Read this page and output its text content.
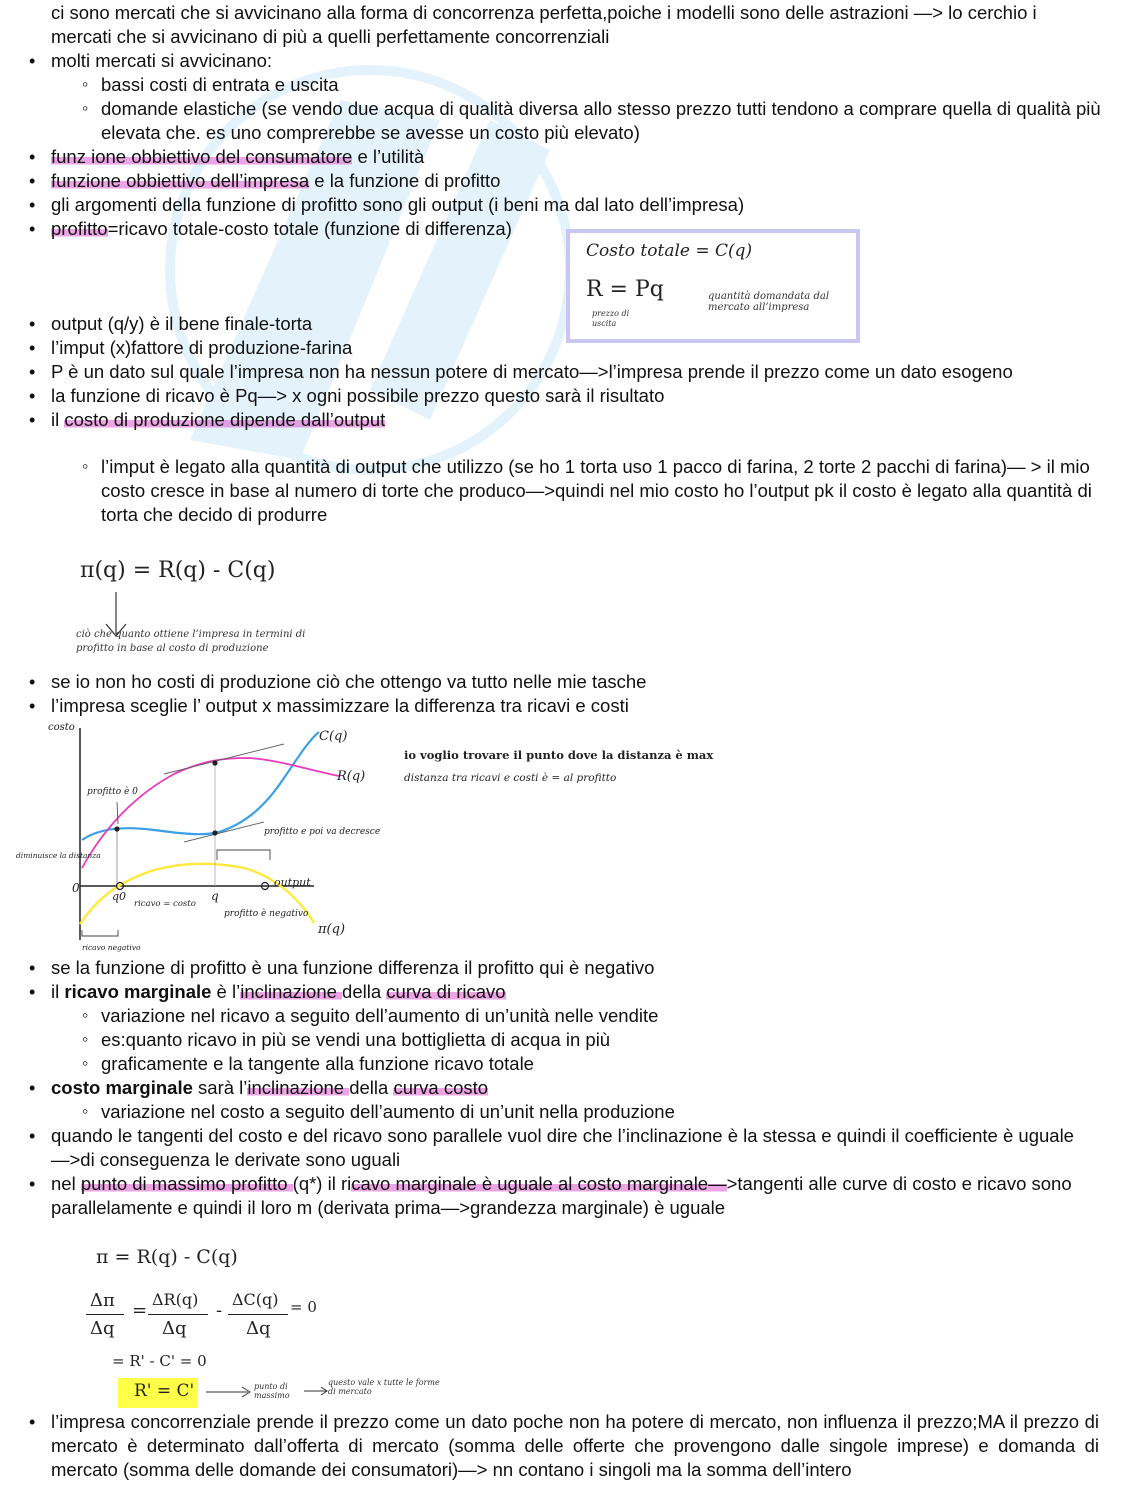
ci sono mercati che si avvicinano alla forma di concorrenza perfetta,poiche i modelli sono delle astrazioni —> lo cerchio i
mercati che si avvicinano di più a quelli perfettamente concorrenziali
• molti mercati si avvicinano:
◦ bassi costi di entrata e uscita
◦ domande elastiche (se vendo due acqua di qualità diversa allo stesso prezzo tutti tendono a comprare quella di qualità più elevata che. es uno comprerebbe se avesse un costo più elevato)
• funz ione obbiettivo del consumatore e l’utilità
• funzione obbiettivo dell’impresa e la funzione di profitto
• gli argomenti della funzione di profitto sono gli output (i beni ma dal lato dell’impresa)
• profitto=ricavo totale-costo totale (funzione di differenza)
Costo totale = C(q)
R = Pq
prezzo di uscita
quantità domandata dal mercato all’impresa
• output (q/y) è il bene finale-torta
• l’imput (x)fattore di produzione-farina
• P è un dato sul quale l’impresa non ha nessun potere di mercato—>l’impresa prende il prezzo come un dato esogeno
• la funzione di ricavo è Pq—> x ogni possibile prezzo questo sarà il risultato
• il costo di produzione dipende dall’output
◦ l’imput è legato alla quantità di output che utilizzo (se ho 1 torta uso 1 pacco di farina, 2 torte 2 pacchi di farina)— > il mio costo cresce in base al numero di torte che produco—>quindi nel mio costo ho l’output pk il costo è legato alla quantità di torta che decido di produrre
π(q) = R(q) - C(q)
ciò che quanto ottiene l’impresa in termini di profitto in base al costo di produzione
• se io non ho costi di produzione ciò che ottengo va tutto nelle mie tasche
• l’impresa sceglie l’ output x massimizzare la differenza tra ricavi e costi
costo
C(q)
R(q)
π(q)
0
q0	q
output
profitto è 0
profitto e poi va decresce
diminuisce la distanza
ricavo = costo
profitto è negativo
ricavo negativo
io voglio trovare il punto dove la distanza è max
distanza tra ricavi e costi è = al profitto
• se la funzione di profitto è una funzione differenza il profitto qui è negativo
• il ricavo marginale è l’inclinazione della curva di ricavo
◦ variazione nel ricavo a seguito dell’aumento di un’unità nelle vendite
◦ es:quanto ricavo in più se vendi una bottiglietta di acqua in più
◦ graficamente e la tangente alla funzione ricavo totale
• costo marginale sarà l’inclinazione della curva costo
◦ variazione nel costo a seguito dell’aumento di un’unit nella produzione
• quando le tangenti del costo e del ricavo sono parallele vuol dire che l’inclinazione è la stessa e quindi il coefficiente è uguale—>di conseguenza le derivate sono uguali
• nel punto di massimo profitto (q*) il ricavo marginale è uguale al costo marginale—>tangenti alle curve di costo e ricavo sono parallelamente e quindi il loro m (derivata prima—>grandezza marginale) è uguale
π = R(q) - C(q)
Δπ
Δq
=
ΔR(q)
Δq
-
ΔC(q)
Δq
= 0
= R' - C' = 0
R' = C'	punto di massimo
questo vale x tutte le forme di mercato
• l’impresa concorrenziale prende il prezzo come un dato poche non ha potere di mercato, non influenza il prezzo;MA il prezzo di mercato è determinato dall’offerta di mercato (somma delle offerte che provengono dalle singole imprese) e domanda di mercato (somma delle domande dei consumatori)—> nn contano i singoli ma la somma dell’intero
